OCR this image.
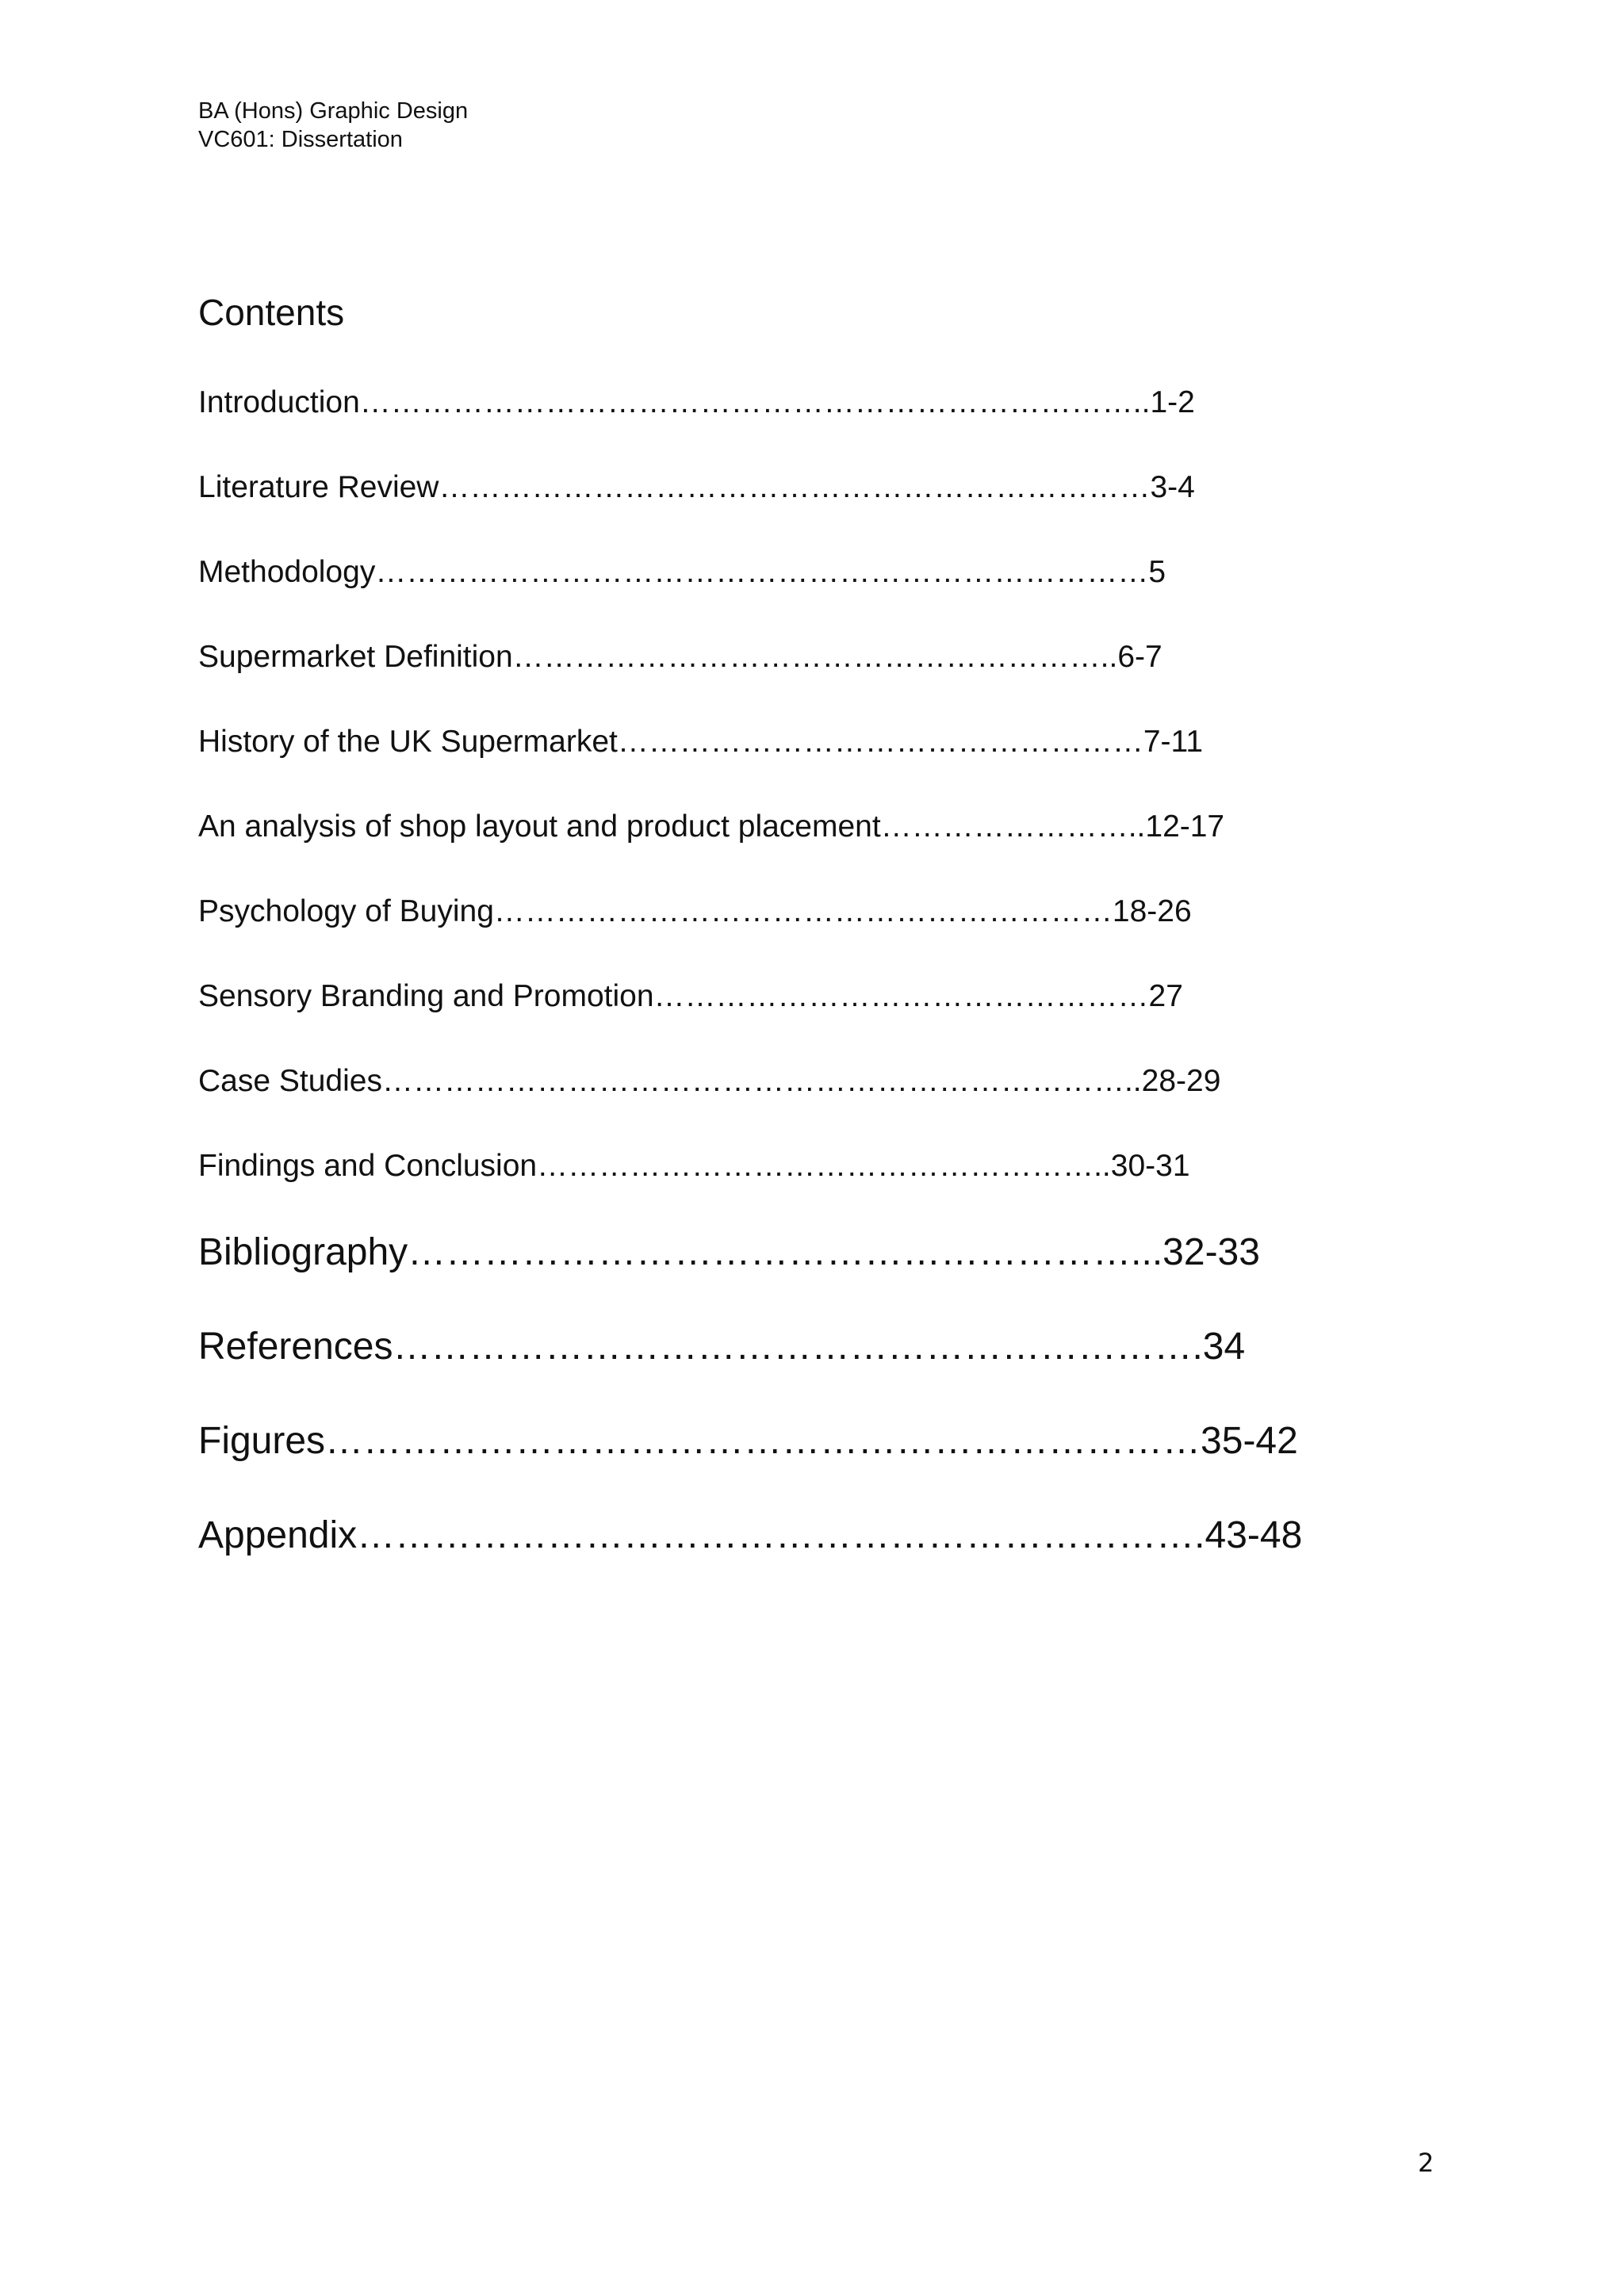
BA (Hons) Graphic Design
VC601: Dissertation
Contents
Introduction…………………………………………………………………..1-2
Literature Review……………………………………………………………3-4
Methodology…………………………………………………………………5
Supermarket Definition…………………………………………………..6-7
History of the UK Supermarket……………………………………………7-11
An analysis of shop layout and product placement……………………..12-17
Psychology of Buying……………………………………………………18-26
Sensory Branding and Promotion…………………………………………27
Case Studies………………………………………………………………..28-29
Findings and Conclusion………………………………………………..30-31
Bibliography…………………………………………………...32-33
References……………………………………………………….34
Figures……………………………………………………………35-42
Appendix………………………………………………………….43-48
2
